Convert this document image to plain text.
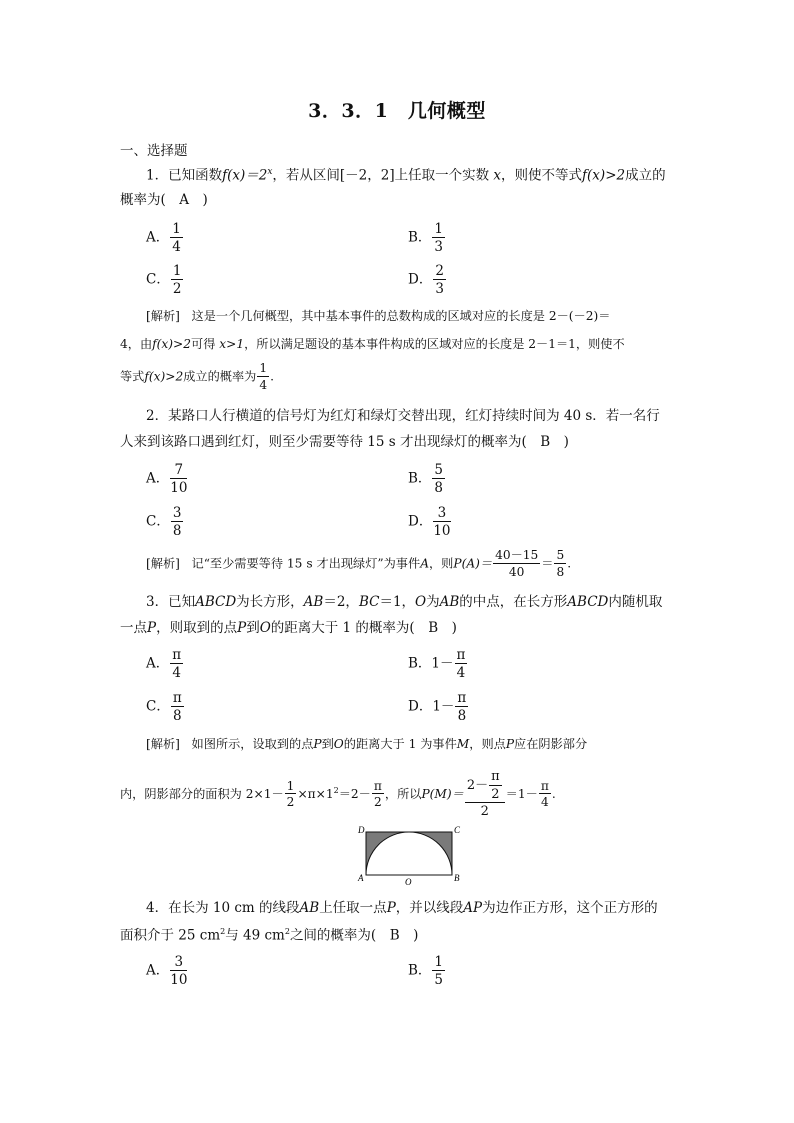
3．3．1　几何概型
一、选择题
1．已知函数$f(x)=2^x$，若从区间[－2，2]上任取一个实数 x，则使不等式f(x)>2成立的
概率为(　A　)
A． $\frac{1}{4}$	B． $\frac{1}{3}$
C． $\frac{1}{2}$	D． $\frac{2}{3}$
[解析] 这是一个几何概型，其中基本事件的总数构成的区域对应的长度是 2－(－2)＝
4，由f(x)>2可得 x>1，所以满足题设的基本事件构成的区域对应的长度是 2－1＝1，则使不
等式f(x)>2成立的概率为 $\frac{1}{4}$ .
2．某路口人行横道的信号灯为红灯和绿灯交替出现，红灯持续时间为 40 s．若一名行
人来到该路口遇到红灯，则至少需要等待 15 s 才出现绿灯的概率为(　B　)
A． $\frac{7}{10}$	B． $\frac{5}{8}$
C． $\frac{3}{8}$	D． $\frac{3}{10}$
[解析] 记“至少需要等待 15 s 才出现绿灯”为事件A，则$P(A)= \frac{40-15}{40} = \frac{5}{8}$ .
3．已知ABCD为长方形，AB＝2，BC＝1，O为AB的中点，在长方形ABCD内随机取
一点P，则取到的点P到O的距离大于 1 的概率为(　B　)
A． $\frac{\pi}{4}$	B．$1- \frac{\pi}{4}$
C． $\frac{\pi}{8}$	D．$1- \frac{\pi}{8}$
[解析] 如图所示，设取到的点P到O的距离大于 1 为事件M，则点P应在阴影部分
内，阴影部分的面积为 $2\times 1- \frac{1}{2} \times\pi\times 1^2=2- \frac{\pi}{2}$ ，所以$P(M)= \frac{2- \frac{\pi}{2}}{2} =1- \frac{\pi}{4}$ .
D	C
A	B
O
4．在长为 10 cm 的线段AB上任取一点P，并以线段AP为边作正方形，这个正方形的
面积介于 25 $cm^2$与 49 $cm^2$之间的概率为(　B　)
A． $\frac{3}{10}$	B． $\frac{1}{5}$
